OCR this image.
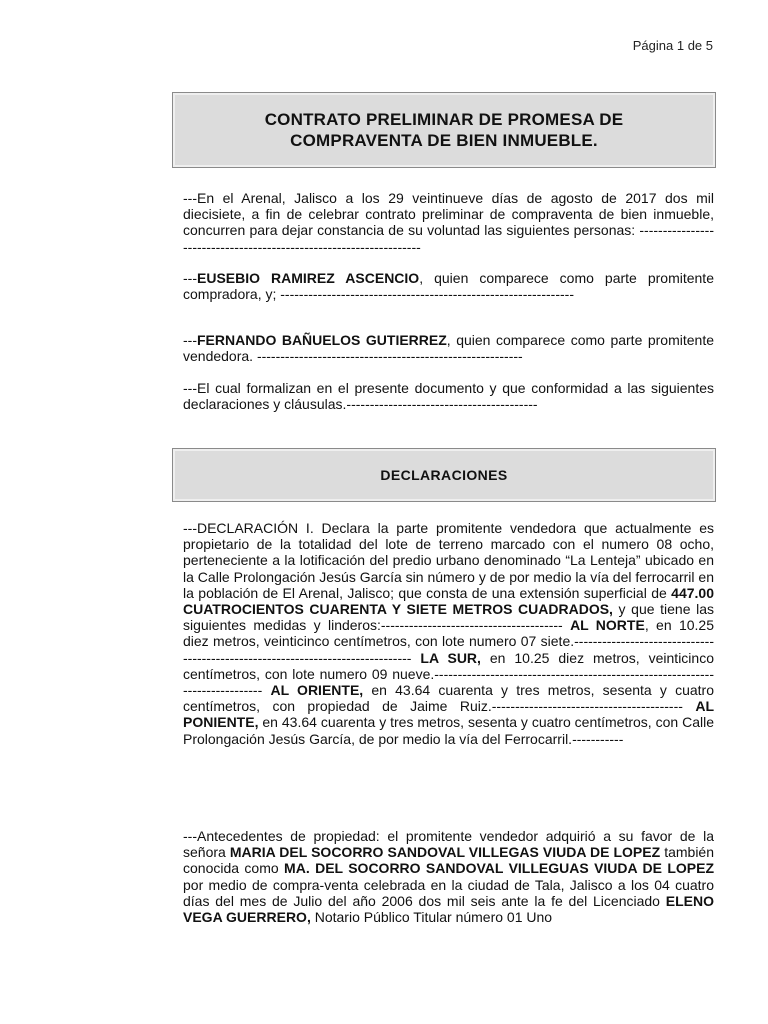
Página 1 de 5
CONTRATO PRELIMINAR DE PROMESA DE
COMPRAVENTA DE BIEN INMUEBLE.

---En el Arenal, Jalisco a los 29 veintinueve días de agosto de 2017 dos mil diecisiete, a fin de celebrar contrato preliminar de compraventa de bien inmueble, concurren para dejar constancia de su voluntad las siguientes personas: -------------------------------------------------------------------

---EUSEBIO RAMIREZ ASCENCIO, quien comparece como parte promitente compradora, y; ---------------------------------------------------------------

---FERNANDO BAÑUELOS GUTIERREZ, quien comparece como parte promitente vendedora. ---------------------------------------------------------

---El cual formalizan en el presente documento y que conformidad a las siguientes declaraciones y cláusulas.-----------------------------------------

DECLARACIONES

---DECLARACIÓN I. Declara la parte promitente vendedora que actualmente es propietario de la totalidad del lote de terreno marcado con el numero 08 ocho, perteneciente a la lotificación del predio urbano denominado “La Lenteja” ubicado en la Calle Prolongación Jesús García sin número y de por medio la vía del ferrocarril en la población de El Arenal, Jalisco; que consta de una extensión superficial de 447.00 CUATROCIENTOS CUARENTA Y SIETE METROS CUADRADOS, y que tiene las siguientes medidas y linderos:--------------------------------------- AL NORTE, en 10.25 diez metros, veinticinco centímetros, con lote numero 07 siete.------------------------------------------------------------------------------- LA SUR, en 10.25 diez metros, veinticinco centímetros, con lote numero 09 nueve.----------------------------------------------------------------------------- AL ORIENTE, en 43.64 cuarenta y tres metros, sesenta y cuatro centímetros, con propiedad de Jaime Ruiz.----------------------------------------- AL PONIENTE, en 43.64 cuarenta y tres metros, sesenta y cuatro centímetros, con Calle Prolongación Jesús García, de por medio la vía del Ferrocarril.-----------

---Antecedentes de propiedad: el promitente vendedor adquirió a su favor de la señora MARIA DEL SOCORRO SANDOVAL VILLEGAS VIUDA DE LOPEZ también conocida como MA. DEL SOCORRO SANDOVAL VILLEGUAS VIUDA DE LOPEZ por medio de compra-venta celebrada en la ciudad de Tala, Jalisco a los 04 cuatro días del mes de Julio del año 2006 dos mil seis ante la fe del Licenciado ELENO VEGA GUERRERO, Notario Público Titular número 01 Uno
